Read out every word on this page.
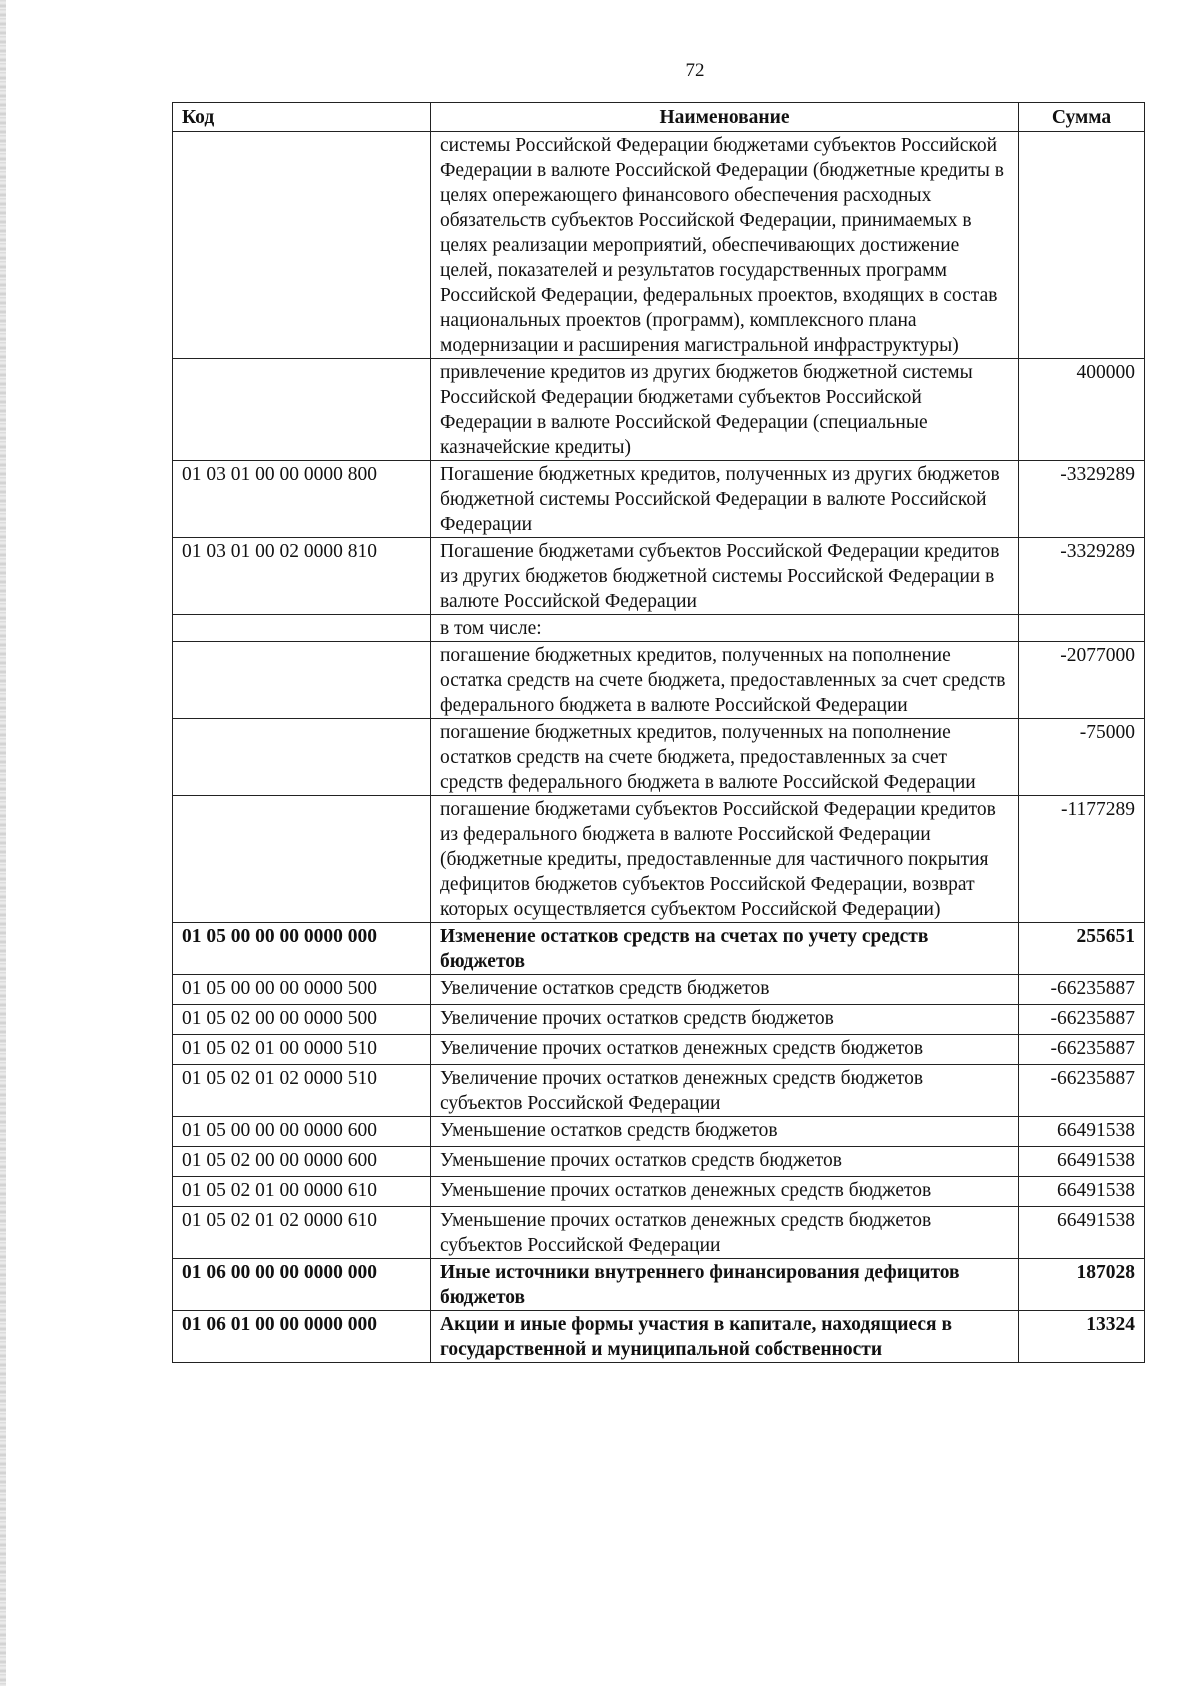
72
Код	Наименование	Сумма
	системы Российской Федерации бюджетами субъектов Российской Федерации в валюте Российской Федерации (бюджетные кредиты в целях опережающего финансового обеспечения расходных обязательств субъектов Российской Федерации, принимаемых в целях реализации мероприятий, обеспечивающих достижение целей, показателей и результатов государственных программ Российской Федерации, федеральных проектов, входящих в состав национальных проектов (программ), комплексного плана модернизации и расширения магистральной инфраструктуры)	
	привлечение кредитов из других бюджетов бюджетной системы Российской Федерации бюджетами субъектов Российской Федерации в валюте Российской Федерации (специальные казначейские кредиты)	400000
01 03 01 00 00 0000 800	Погашение бюджетных кредитов, полученных из других бюджетов бюджетной системы Российской Федерации в валюте Российской Федерации	-3329289
01 03 01 00 02 0000 810	Погашение бюджетами субъектов Российской Федерации кредитов из других бюджетов бюджетной системы Российской Федерации в валюте Российской Федерации	-3329289
	в том числе:	
	погашение бюджетных кредитов, полученных на пополнение остатка средств на счете бюджета, предоставленных за счет средств федерального бюджета в валюте Российской Федерации	-2077000
	погашение бюджетных кредитов, полученных на пополнение остатков средств на счете бюджета, предоставленных за счет средств федерального бюджета в валюте Российской Федерации	-75000
	погашение бюджетами субъектов Российской Федерации кредитов из федерального бюджета в валюте Российской Федерации (бюджетные кредиты, предоставленные для частичного покрытия дефицитов бюджетов субъектов Российской Федерации, возврат которых осуществляется субъектом Российской Федерации)	-1177289
01 05 00 00 00 0000 000	Изменение остатков средств на счетах по учету средств бюджетов	255651
01 05 00 00 00 0000 500	Увеличение остатков средств бюджетов	-66235887
01 05 02 00 00 0000 500	Увеличение прочих остатков средств бюджетов	-66235887
01 05 02 01 00 0000 510	Увеличение прочих остатков денежных средств бюджетов	-66235887
01 05 02 01 02 0000 510	Увеличение прочих остатков денежных средств бюджетов субъектов Российской Федерации	-66235887
01 05 00 00 00 0000 600	Уменьшение остатков средств бюджетов	66491538
01 05 02 00 00 0000 600	Уменьшение прочих остатков средств бюджетов	66491538
01 05 02 01 00 0000 610	Уменьшение прочих остатков денежных средств бюджетов	66491538
01 05 02 01 02 0000 610	Уменьшение прочих остатков денежных средств бюджетов субъектов Российской Федерации	66491538
01 06 00 00 00 0000 000	Иные источники внутреннего финансирования дефицитов бюджетов	187028
01 06 01 00 00 0000 000	Акции и иные формы участия в капитале, находящиеся в государственной и муниципальной собственности	13324
